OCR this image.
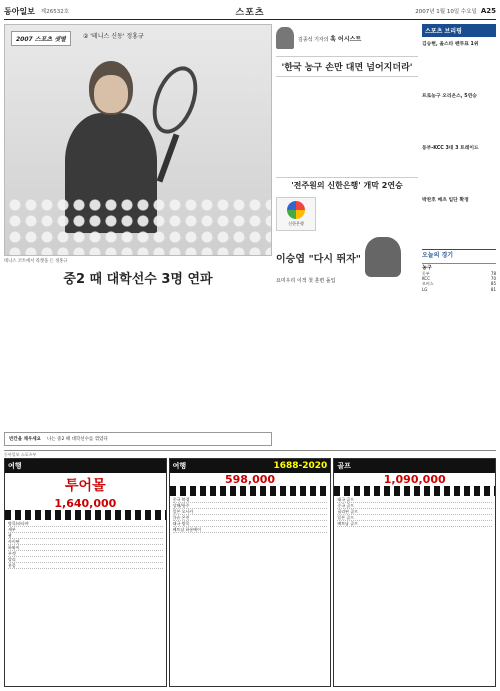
동아일보 제26532호	스포츠	2007년 1월 10일 수요일 A25
2007 스포츠 샛별	② '테니스 신동' 정홍규
테니스 코트에서 라켓을 든 정홍규
중2 때 대학선수 3명 연파
빈칸을 채우세요 나는 중2 때 대학선수를 꺾었다
김종석 기자의 훅 어시스트
'한국 농구 손만 대면 넘어지더라'
'전주원의 신한은행' 개막 2연승
신한은행
이승엽 "다시 뛰자"
요미우리 이적 첫 훈련 돌입
스포츠 브리핑
김승현, 올스타 팬투표 1위
프로농구 오리온스, 5연승
동부-KCC 3대 3 트레이드
박찬호 메츠 입단 확정
오늘의 경기
농구
동부	78
KCC	70
모비스	85
LG	81
동아일보 스포츠부
여행
투어몰
1,640,000
방콕/파타야
세부
괌
사이판
하와이
푸켓
발리
홍콩
여행	1688-2020
598,000
중국 북경
상해/항주
일본 오사카
큐슈 온천
태국 방콕
베트남 하롱베이
골프
1,090,000
태국 골프
중국 골프
필리핀 골프
일본 골프
베트남 골프
